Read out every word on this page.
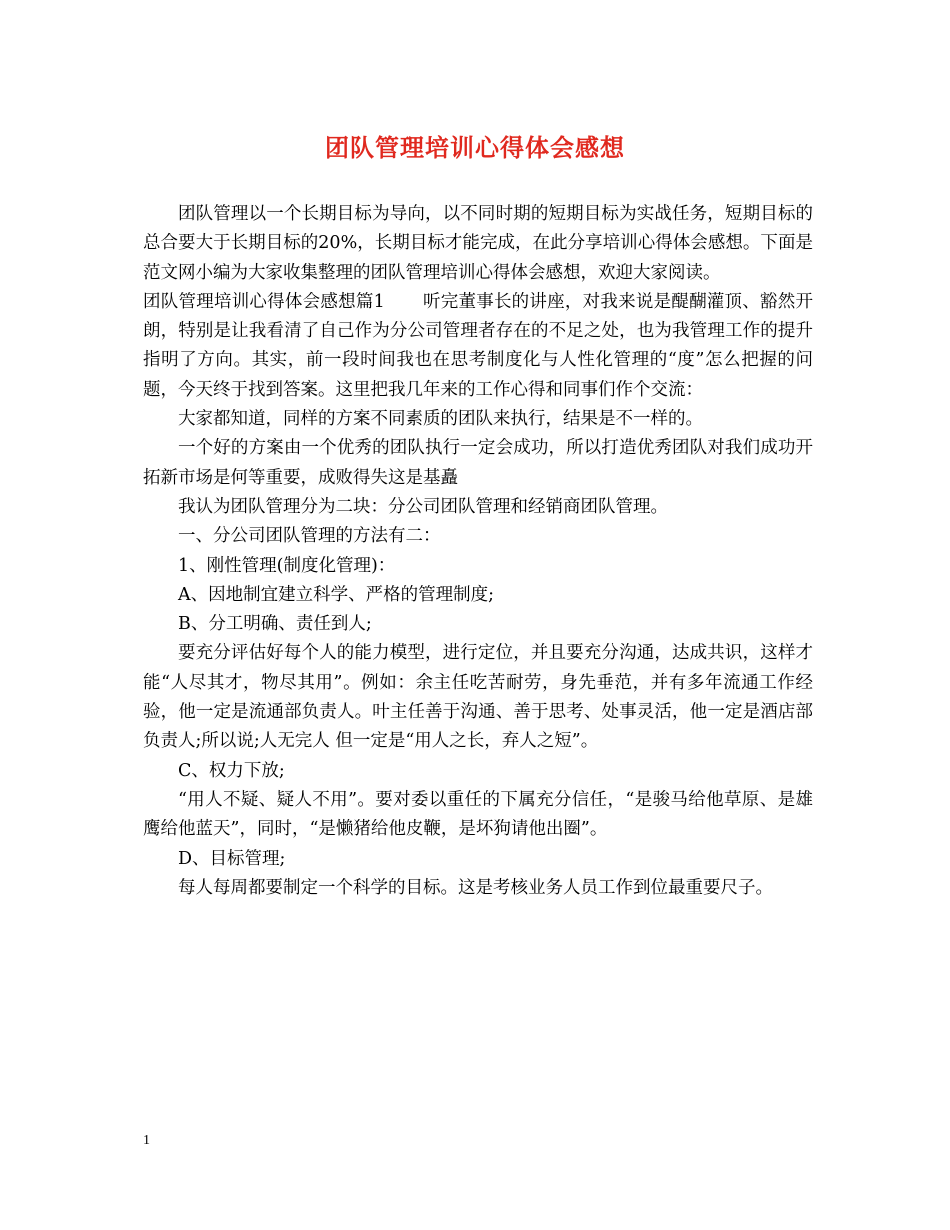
团队管理培训心得体会感想

团队管理以一个长期目标为导向，以不同时期的短期目标为实战任务，短期目标的总合要大于长期目标的20%，长期目标才能完成，在此分享培训心得体会感想。下面是范文网小编为大家收集整理的团队管理培训心得体会感想，欢迎大家阅读。

团队管理培训心得体会感想篇1 听完董事长的讲座，对我来说是醍醐灌顶、豁然开朗，特别是让我看清了自己作为分公司管理者存在的不足之处，也为我管理工作的提升指明了方向。其实，前一段时间我也在思考制度化与人性化管理的“度”怎么把握的问题，今天终于找到答案。这里把我几年来的工作心得和同事们作个交流：

大家都知道，同样的方案不同素质的团队来执行，结果是不一样的。

一个好的方案由一个优秀的团队执行一定会成功，所以打造优秀团队对我们成功开拓新市场是何等重要，成败得失这是基矗

我认为团队管理分为二块：分公司团队管理和经销商团队管理。

一、分公司团队管理的方法有二：

1、刚性管理(制度化管理)：

A、因地制宜建立科学、严格的管理制度;

B、分工明确、责任到人;

要充分评估好每个人的能力模型，进行定位，并且要充分沟通，达成共识，这样才能“人尽其才，物尽其用”。例如：余主任吃苦耐劳，身先垂范，并有多年流通工作经验，他一定是流通部负责人。叶主任善于沟通、善于思考、处事灵活，他一定是酒店部负责人;所以说;人无完人 但一定是“用人之长，弃人之短”。

C、权力下放;

“用人不疑、疑人不用”。要对委以重任的下属充分信任，“是骏马给他草原、是雄鹰给他蓝天”，同时，“是懒猪给他皮鞭，是坏狗请他出圈”。

D、目标管理;

每人每周都要制定一个科学的目标。这是考核业务人员工作到位最重要尺子。

1
